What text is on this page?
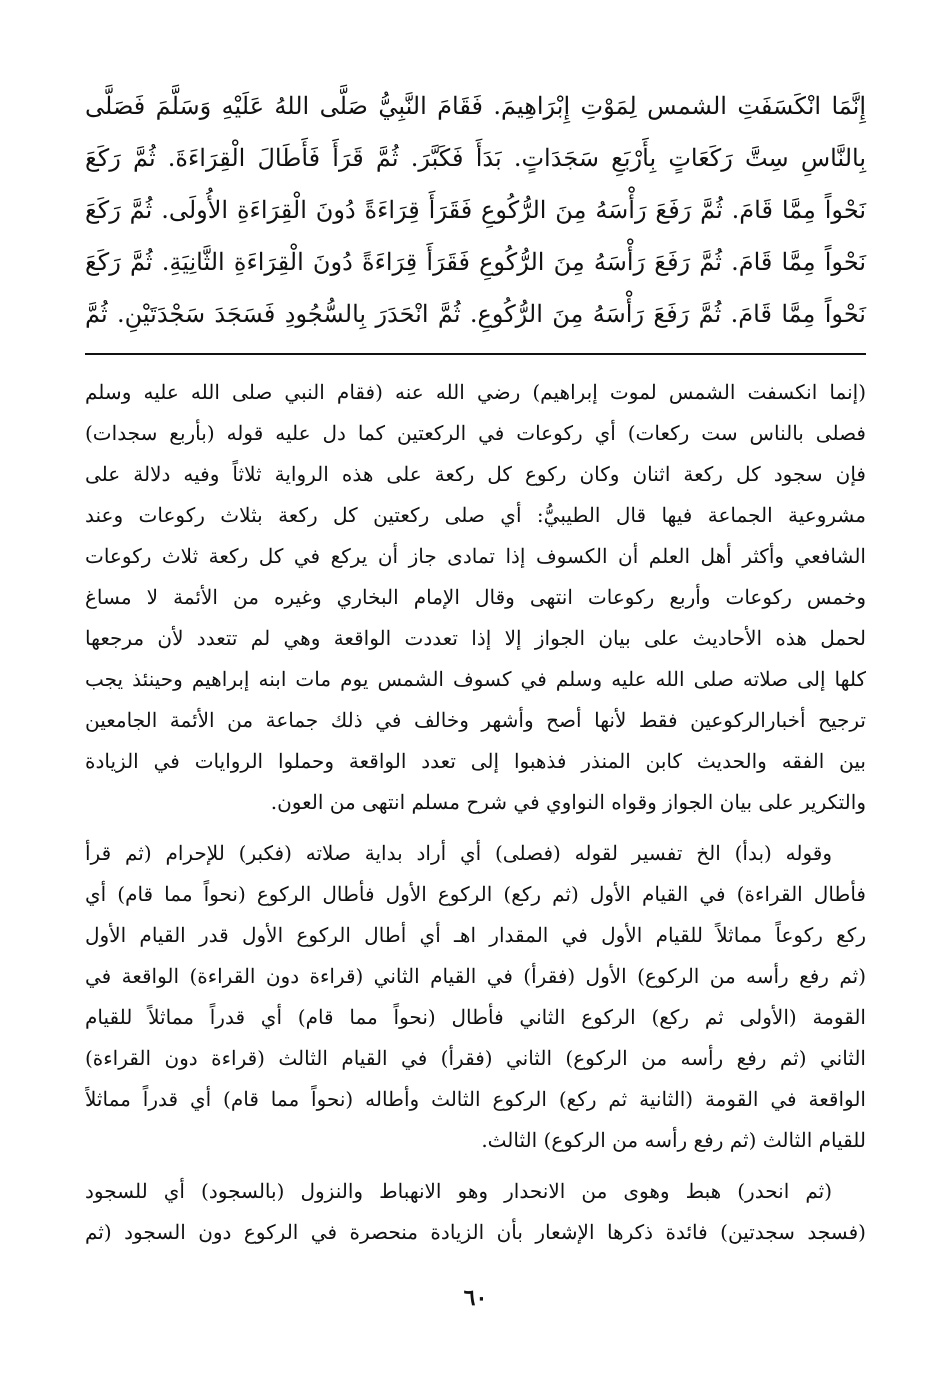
إِنَّمَا انْكَسَفَتِ الشمس لِمَوْتِ إِبْرَاهِيمَ. فَقَامَ النَّبِيُّ صَلَّى اللهُ عَلَيْهِ وَسَلَّمَ فَصَلَّى
بِالنَّاسِ سِتَّ رَكَعَاتٍ بِأَرْبَعِ سَجَدَاتٍ. بَدَأَ فَكَبَّرَ. ثُمَّ قَرَأَ فَأَطَالَ الْقِرَاءَةَ. ثُمَّ رَكَعَ
نَحْواً مِمَّا قَامَ. ثُمَّ رَفَعَ رَأْسَهُ مِنَ الرُّكُوعِ فَقَرَأَ قِرَاءَةً دُونَ الْقِرَاءَةِ الأُولَى. ثُمَّ رَكَعَ
نَحْواً مِمَّا قَامَ. ثُمَّ رَفَعَ رَأْسَهُ مِنَ الرُّكُوعِ فَقَرَأَ قِرَاءَةً دُونَ الْقِرَاءَةِ الثَّانِيَةِ. ثُمَّ رَكَعَ
نَحْواً مِمَّا قَامَ. ثُمَّ رَفَعَ رَأْسَهُ مِنَ الرُّكُوعِ. ثُمَّ انْحَدَرَ بِالسُّجُودِ فَسَجَدَ سَجْدَتَيْنِ. ثُمَّ

(إنما انكسفت الشمس لموت إبراهيم) رضي الله عنه (فقام النبي صلى الله عليه وسلم
فصلى بالناس ست ركعات) أي ركوعات في الركعتين كما دل عليه قوله (بأربع سجدات)
فإن سجود كل ركعة اثنان وكان ركوع كل ركعة على هذه الرواية ثلاثاً وفيه دلالة على
مشروعية الجماعة فيها قال الطيبيُّ: أي صلى ركعتين كل ركعة بثلاث ركوعات وعند
الشافعي وأكثر أهل العلم أن الكسوف إذا تمادى جاز أن يركع في كل ركعة ثلاث ركوعات
وخمس ركوعات وأربع ركوعات انتهى وقال الإمام البخاري وغيره من الأئمة لا مساغ
لحمل هذه الأحاديث على بيان الجواز إلا إذا تعددت الواقعة وهي لم تتعدد لأن مرجعها
كلها إلى صلاته صلى الله عليه وسلم في كسوف الشمس يوم مات ابنه إبراهيم وحينئذ يجب
ترجيح أخبارالركوعين فقط لأنها أصح وأشهر وخالف في ذلك جماعة من الأئمة الجامعين
بين الفقه والحديث كابن المنذر فذهبوا إلى تعدد الواقعة وحملوا الروايات في الزيادة
والتكرير على بيان الجواز وقواه النواوي في شرح مسلم انتهى من العون.

وقوله (بدأ) الخ تفسير لقوله (فصلى) أي أراد بداية صلاته (فكبر) للإحرام (ثم قرأ
فأطال القراءة) في القيام الأول (ثم ركع) الركوع الأول فأطال الركوع (نحواً مما قام) أي
ركع ركوعاً مماثلاً للقيام الأول في المقدار اهـ أي أطال الركوع الأول قدر القيام الأول
(ثم رفع رأسه من الركوع) الأول (فقرأ) في القيام الثاني (قراءة دون القراءة) الواقعة في
القومة (الأولى ثم ركع) الركوع الثاني فأطال (نحواً مما قام) أي قدراً مماثلاً للقيام
الثاني (ثم رفع رأسه من الركوع) الثاني (فقرأ) في القيام الثالث (قراءة دون القراءة)
الواقعة في القومة (الثانية ثم ركع) الركوع الثالث وأطاله (نحواً مما قام) أي قدراً مماثلاً
للقيام الثالث (ثم رفع رأسه من الركوع) الثالث.

(ثم انحدر) هبط وهوى من الانحدار وهو الانهباط والنزول (بالسجود) أي للسجود
(فسجد سجدتين) فائدة ذكرها الإشعار بأن الزيادة منحصرة في الركوع دون السجود (ثم

٦٠
